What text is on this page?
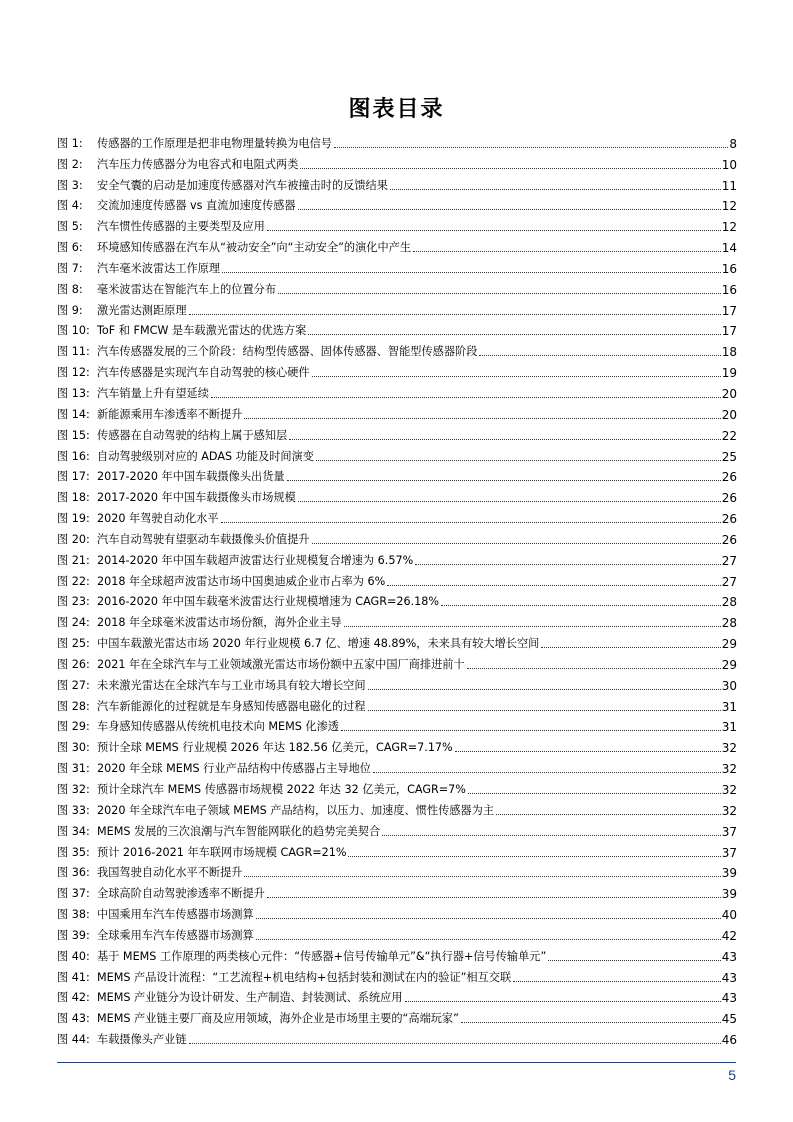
图表目录
图 1:	传感器的工作原理是把非电物理量转换为电信号	8
图 2:	汽车压力传感器分为电容式和电阻式两类	10
图 3:	安全气囊的启动是加速度传感器对汽车被撞击时的反馈结果	11
图 4:	交流加速度传感器 vs 直流加速度传感器	12
图 5:	汽车惯性传感器的主要类型及应用	12
图 6:	环境感知传感器在汽车从“被动安全”向“主动安全”的演化中产生	14
图 7:	汽车毫米波雷达工作原理	16
图 8:	毫米波雷达在智能汽车上的位置分布	16
图 9:	激光雷达测距原理	17
图 10: ToF 和 FMCW 是车载激光雷达的优选方案	17
图 11: 汽车传感器发展的三个阶段：结构型传感器、固体传感器、智能型传感器阶段	18
图 12: 汽车传感器是实现汽车自动驾驶的核心硬件	19
图 13: 汽车销量上升有望延续	20
图 14: 新能源乘用车渗透率不断提升	20
图 15: 传感器在自动驾驶的结构上属于感知层	22
图 16: 自动驾驶级别对应的 ADAS 功能及时间演变	25
图 17: 2017-2020 年中国车载摄像头出货量	26
图 18: 2017-2020 年中国车载摄像头市场规模	26
图 19: 2020 年驾驶自动化水平	26
图 20: 汽车自动驾驶有望驱动车载摄像头价值提升	26
图 21: 2014-2020 年中国车载超声波雷达行业规模复合增速为 6.57%	27
图 22: 2018 年全球超声波雷达市场中国奥迪威企业市占率为 6%	27
图 23: 2016-2020 年中国车载毫米波雷达行业规模增速为 CAGR=26.18%	28
图 24: 2018 年全球毫米波雷达市场份额，海外企业主导	28
图 25: 中国车载激光雷达市场 2020 年行业规模 6.7 亿、增速 48.89%，未来具有较大增长空间	29
图 26: 2021 年在全球汽车与工业领域激光雷达市场份额中五家中国厂商排进前十	29
图 27: 未来激光雷达在全球汽车与工业市场具有较大增长空间	30
图 28: 汽车新能源化的过程就是车身感知传感器电磁化的过程	31
图 29: 车身感知传感器从传统机电技术向 MEMS 化渗透	31
图 30: 预计全球 MEMS 行业规模 2026 年达 182.56 亿美元，CAGR=7.17%	32
图 31: 2020 年全球 MEMS 行业产品结构中传感器占主导地位	32
图 32: 预计全球汽车 MEMS 传感器市场规模 2022 年达 32 亿美元，CAGR=7%	32
图 33: 2020 年全球汽车电子领域 MEMS 产品结构，以压力、加速度、惯性传感器为主	32
图 34: MEMS 发展的三次浪潮与汽车智能网联化的趋势完美契合	37
图 35: 预计 2016-2021 年车联网市场规模 CAGR=21%	37
图 36: 我国驾驶自动化水平不断提升	39
图 37: 全球高阶自动驾驶渗透率不断提升	39
图 38: 中国乘用车汽车传感器市场测算	40
图 39: 全球乘用车汽车传感器市场测算	42
图 40: 基于 MEMS 工作原理的两类核心元件：“传感器+信号传输单元”&“执行器+信号传输单元”	43
图 41: MEMS 产品设计流程：“工艺流程+机电结构+包括封装和测试在内的验证”相互交联	43
图 42: MEMS 产业链分为设计研发、生产制造、封装测试、系统应用	43
图 43: MEMS 产业链主要厂商及应用领域，海外企业是市场里主要的“高端玩家”	45
图 44: 车载摄像头产业链	46
5
